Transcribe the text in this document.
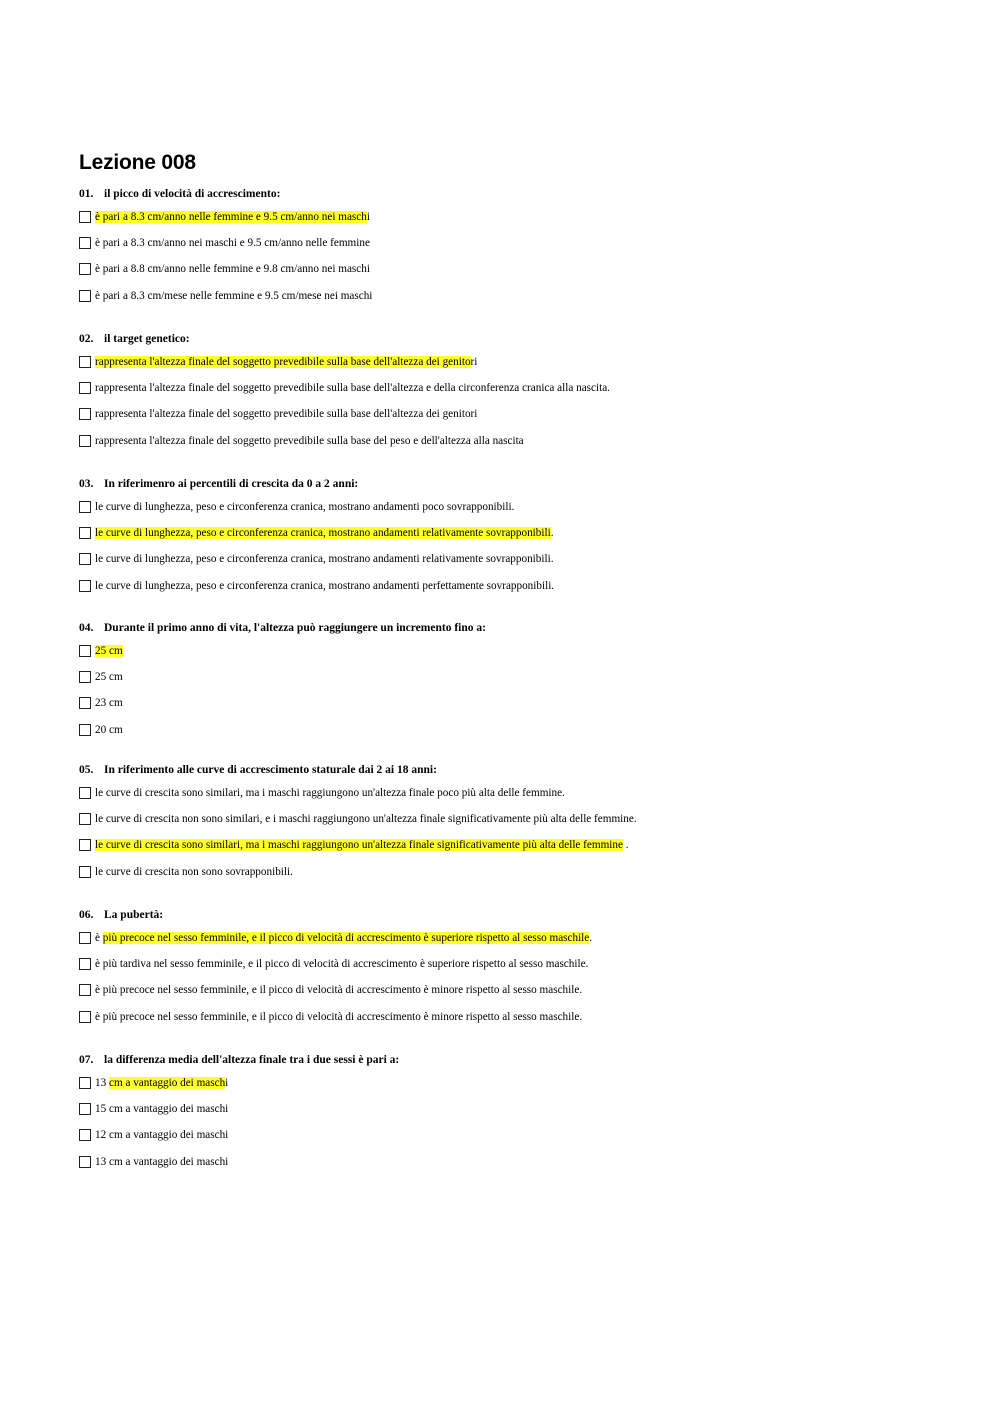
Lezione 008
01. il picco di velocità di accrescimento:
è pari a 8.3 cm/anno nelle femmine e 9.5 cm/anno nei maschi
è pari a 8.3 cm/anno nei maschi e 9.5 cm/anno nelle femmine
è pari a 8.8 cm/anno nelle femmine e 9.8 cm/anno nei maschi
è pari a 8.3 cm/mese nelle femmine e 9.5 cm/mese nei maschi
02. il target genetico:
rappresenta l'altezza finale del soggetto prevedibile sulla base dell'altezza dei genitori
rappresenta l'altezza finale del soggetto prevedibile sulla base dell'altezza e della circonferenza cranica alla nascita.
rappresenta l'altezza finale del soggetto prevedibile sulla base dell'altezza dei genitori
rappresenta l'altezza finale del soggetto prevedibile sulla base del peso e dell'altezza alla nascita
03. In riferimenro ai percentili di crescita da 0 a 2 anni:
le curve di lunghezza, peso e circonferenza cranica, mostrano andamenti poco sovrapponibili.
le curve di lunghezza, peso e circonferenza cranica, mostrano andamenti relativamente sovrapponibili.
le curve di lunghezza, peso e circonferenza cranica, mostrano andamenti relativamente sovrapponibili.
le curve di lunghezza, peso e circonferenza cranica, mostrano andamenti perfettamente sovrapponibili.
04. Durante il primo anno di vita, l'altezza può raggiungere un incremento fino a:
25 cm
25 cm
23 cm
20 cm
05. In riferimento alle curve di accrescimento staturale dai 2 ai 18 anni:
le curve di crescita sono similari, ma i maschi raggiungono un'altezza finale poco più alta delle femmine.
le curve di crescita non sono similari, e i maschi raggiungono un'altezza finale significativamente più alta delle femmine.
le curve di crescita sono similari, ma i maschi raggiungono un'altezza finale significativamente più alta delle femmine .
le curve di crescita non sono sovrapponibili.
06. La pubertà:
è più precoce nel sesso femminile, e il picco di velocità di accrescimento è superiore rispetto al sesso maschile.
è più tardiva nel sesso femminile, e il picco di velocità di accrescimento è superiore rispetto al sesso maschile.
è più precoce nel sesso femminile, e il picco di velocità di accrescimento è minore rispetto al sesso maschile.
è più precoce nel sesso femminile, e il picco di velocità di accrescimento è minore rispetto al sesso maschile.
07. la differenza media dell'altezza finale tra i due sessi è pari a:
13 cm a vantaggio dei maschi
15 cm a vantaggio dei maschi
12 cm a vantaggio dei maschi
13 cm a vantaggio dei maschi
